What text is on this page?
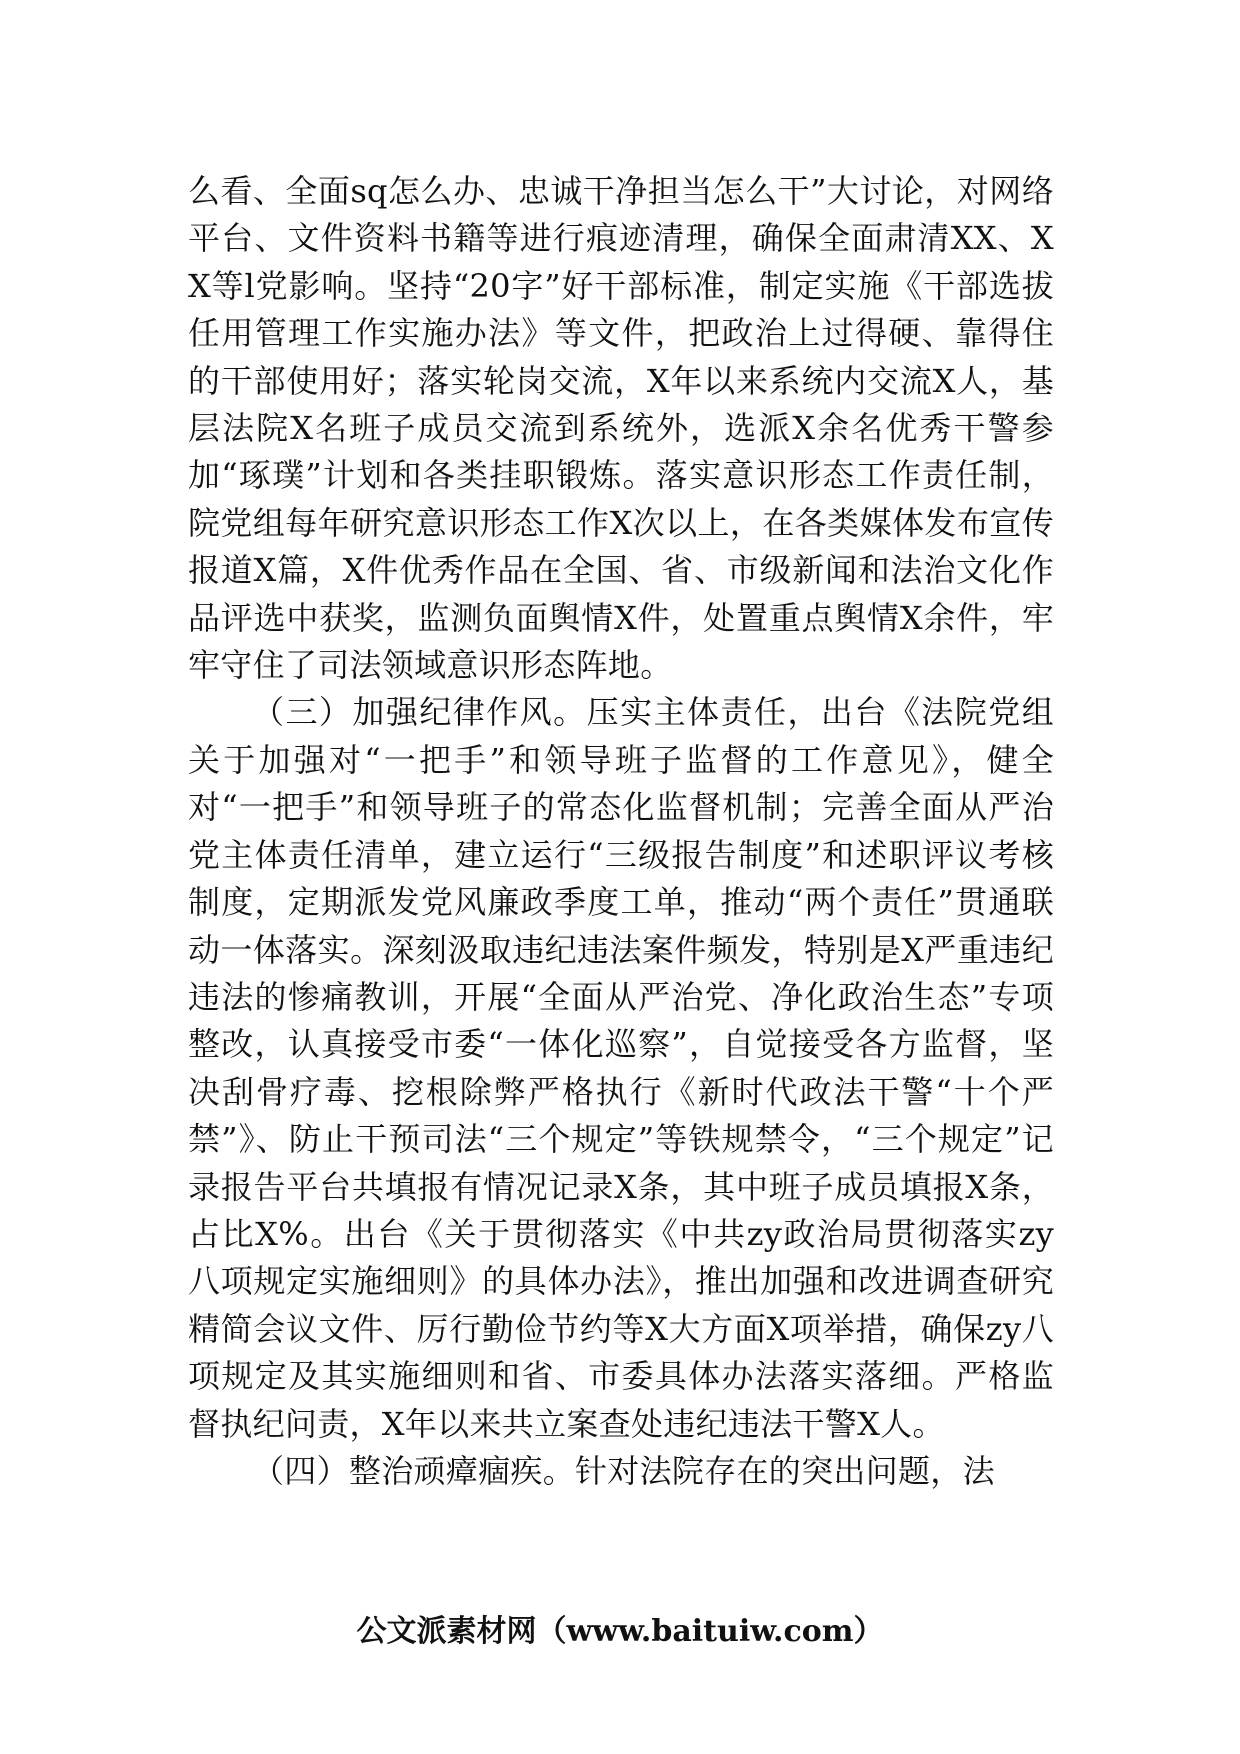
么看、全面sq怎么办、忠诚干净担当怎么干”大讨论，对网络平台、文件资料书籍等进行痕迹清理，确保全面肃清XX、XX等l党影响。坚持“20字”好干部标准，制定实施《干部选拔任用管理工作实施办法》等文件，把政治上过得硬、靠得住的干部使用好；落实轮岗交流，X年以来系统内交流X人，基层法院X名班子成员交流到系统外，选派X余名优秀干警参加“琢璞”计划和各类挂职锻炼。落实意识形态工作责任制，院党组每年研究意识形态工作X次以上，在各类媒体发布宣传报道X篇，X件优秀作品在全国、省、市级新闻和法治文化作品评选中获奖，监测负面舆情X件，处置重点舆情X余件，牢牢守住了司法领域意识形态阵地。

（三）加强纪律作风。压实主体责任，出台《法院党组关于加强对“一把手”和领导班子监督的工作意见》，健全对“一把手”和领导班子的常态化监督机制；完善全面从严治党主体责任清单，建立运行“三级报告制度”和述职评议考核制度，定期派发党风廉政季度工单，推动“两个责任”贯通联动一体落实。深刻汲取违纪违法案件频发，特别是X严重违纪违法的惨痛教训，开展“全面从严治党、净化政治生态”专项整改，认真接受市委“一体化巡察”，自觉接受各方监督，坚决刮骨疗毒、挖根除弊严格执行《新时代政法干警“十个严禁”》、防止干预司法“三个规定”等铁规禁令，“三个规定”记录报告平台共填报有情况记录X条，其中班子成员填报X条，占比X%。出台《关于贯彻落实《中共zy政治局贯彻落实zy八项规定实施细则》的具体办法》，推出加强和改进调查研究精简会议文件、厉行勤俭节约等X大方面X项举措，确保zy八项规定及其实施细则和省、市委具体办法落实落细。严格监督执纪问责，X年以来共立案查处违纪违法干警X人。

（四）整治顽瘴痼疾。针对法院存在的突出问题，法

公文派素材网（www.baituiw.com）
